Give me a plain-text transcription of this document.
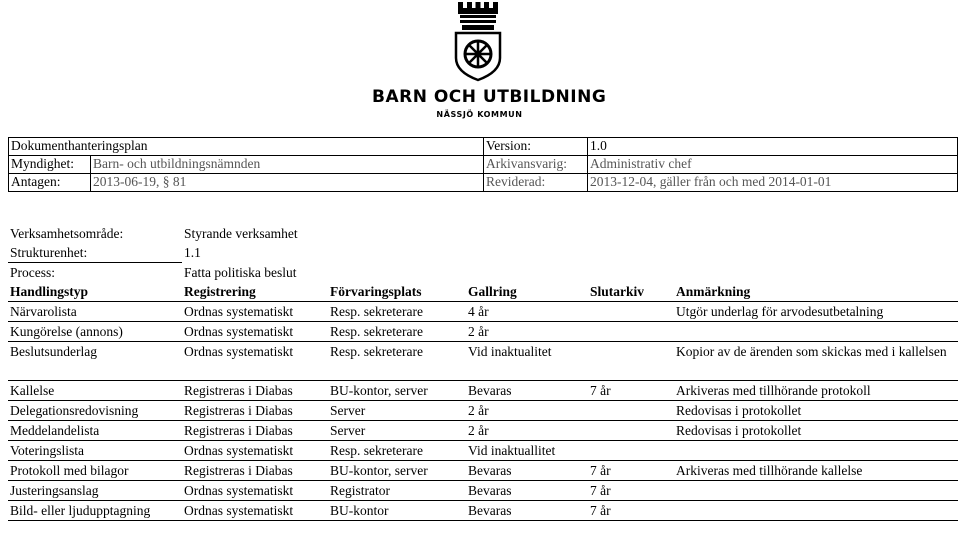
BARN OCH UTBILDNING
NÄSSJÖ KOMMUN
Dokumenthanteringsplan		Version:	1.0
Myndighet:	Barn- och utbildningsnämnden	Arkivansvarig:	Administrativ chef
Antagen:	2013-06-19, § 81	Reviderad:	2013-12-04, gäller från och med 2014-01-01
Verksamhetsområde:	Styrande verksamhet				
Strukturenhet:	1.1				
Process:	Fatta politiska beslut				
Handlingstyp	Registrering	Förvaringsplats	Gallring	Slutarkiv	Anmärkning
Närvarolista	Ordnas systematiskt	Resp. sekreterare	4 år		Utgör underlag för arvodesutbetalning
Kungörelse (annons)	Ordnas systematiskt	Resp. sekreterare	2 år		
Beslutsunderlag	Ordnas systematiskt	Resp. sekreterare	Vid inaktualitet		Kopior av de ärenden som skickas med i kallelsen
Kallelse	Registreras i Diabas	BU-kontor, server	Bevaras	7 år	Arkiveras med tillhörande protokoll
Delegationsredovisning	Registreras i Diabas	Server	2 år		Redovisas i protokollet
Meddelandelista	Registreras i Diabas	Server	2 år		Redovisas i protokollet
Voteringslista	Ordnas systematiskt	Resp. sekreterare	Vid inaktuallitet		
Protokoll med bilagor	Registreras i Diabas	BU-kontor, server	Bevaras	7 år	Arkiveras med tillhörande kallelse
Justeringsanslag	Ordnas systematiskt	Registrator	Bevaras	7 år	
Bild- eller ljudupptagning	Ordnas systematiskt	BU-kontor	Bevaras	7 år	
